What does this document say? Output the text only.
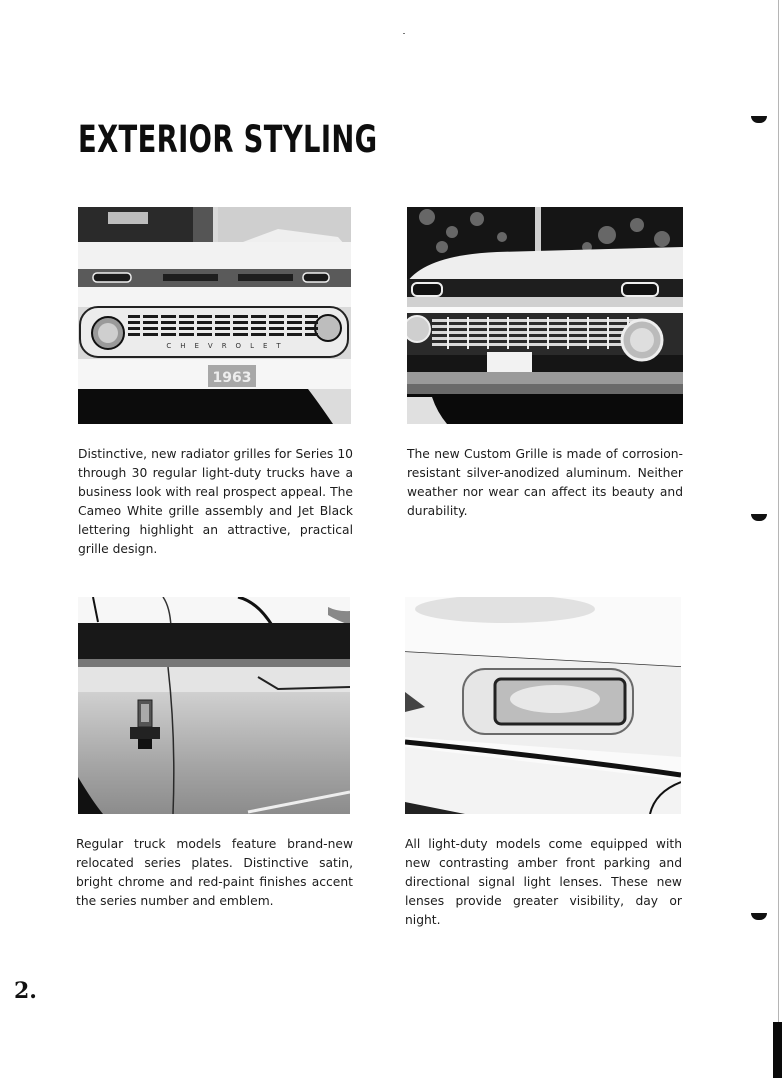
EXTERIOR STYLING
CHEVROLET
1963

Distinctive, new radiator grilles for Series 10 through 30 regular light-duty trucks have a business look with real prospect appeal. The Cameo White grille assembly and Jet Black lettering highlight an attractive, practical grille design.

The new Custom Grille is made of corrosion-resistant silver-anodized aluminum. Neither weather nor wear can affect its beauty and durability.

Regular truck models feature brand-new relocated series plates. Distinctive satin, bright chrome and red-paint finishes accent the series number and emblem.

All light-duty models come equipped with new contrasting amber front parking and directional signal light lenses. These new lenses provide greater visibility, day or night.

2.
